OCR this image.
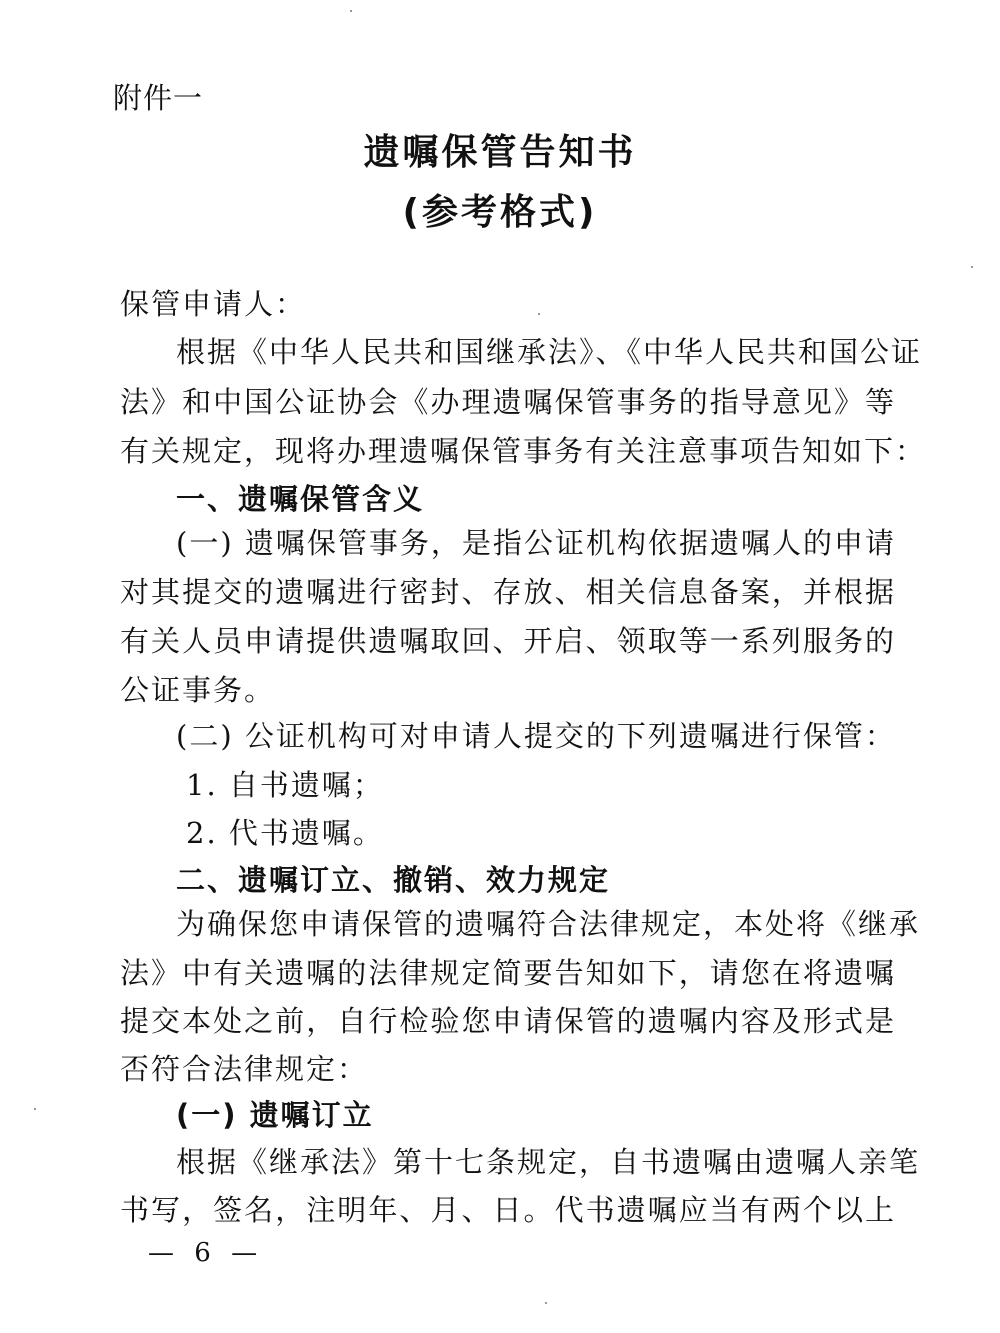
附件一
遗嘱保管告知书
(参考格式)
保管申请人：
根据《中华人民共和国继承法》、《中华人民共和国公证
法》和中国公证协会《办理遗嘱保管事务的指导意见》等
有关规定，现将办理遗嘱保管事务有关注意事项告知如下：
一、遗嘱保管含义
(一) 遗嘱保管事务，是指公证机构依据遗嘱人的申请
对其提交的遗嘱进行密封、存放、相关信息备案，并根据
有关人员申请提供遗嘱取回、开启、领取等一系列服务的
公证事务。
(二) 公证机构可对申请人提交的下列遗嘱进行保管：
1. 自书遗嘱；
2. 代书遗嘱。
二、遗嘱订立、撤销、效力规定
为确保您申请保管的遗嘱符合法律规定，本处将《继承
法》中有关遗嘱的法律规定简要告知如下，请您在将遗嘱
提交本处之前，自行检验您申请保管的遗嘱内容及形式是
否符合法律规定：
(一) 遗嘱订立
根据《继承法》第十七条规定，自书遗嘱由遗嘱人亲笔
书写，签名，注明年、月、日。代书遗嘱应当有两个以上
— 6 —
